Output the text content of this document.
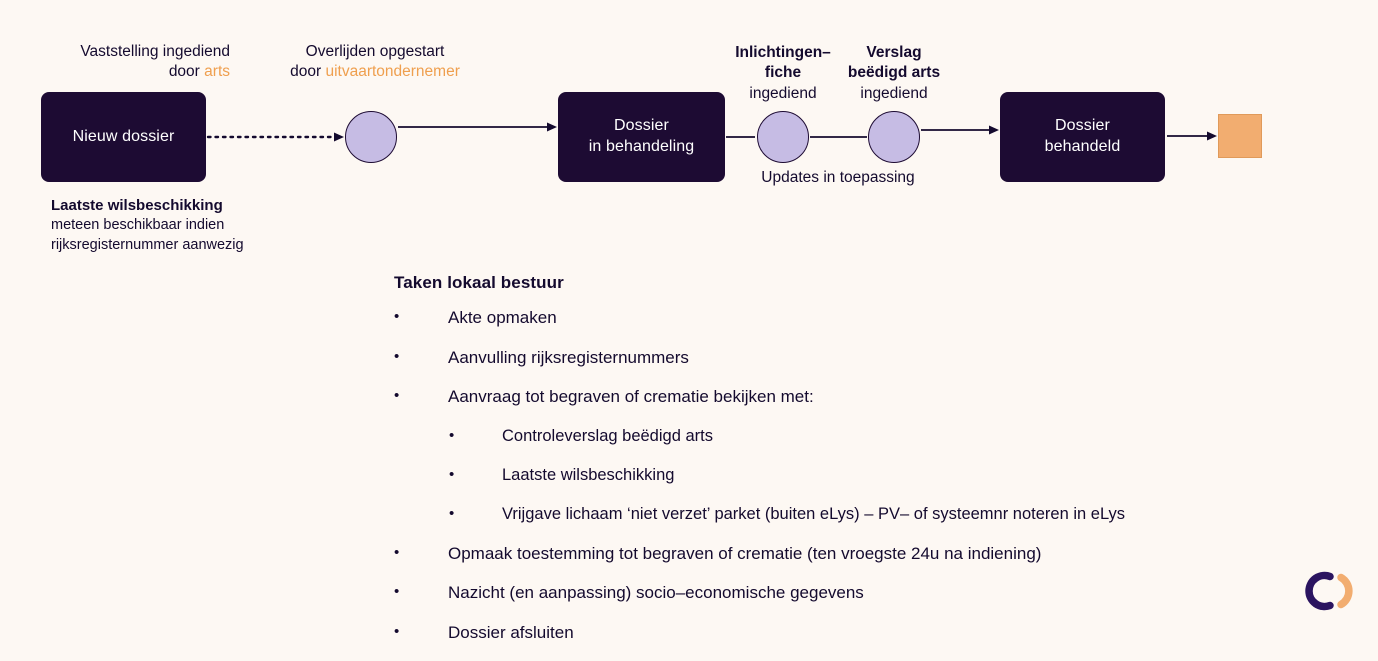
Nieuw dossier
Dossier
in behandeling
Dossier
behandeld
Vaststelling ingediend
door arts
Overlijden opgestart
door uitvaartondernemer
Inlichtingen–
fiche
ingediend
Verslag
beëdigd arts
ingediend
Updates in toepassing
Laatste wilsbeschikking
meteen beschikbaar indien
rijksregisternummer aanwezig
Taken lokaal bestuur
•	Akte opmaken
•	Aanvulling rijksregisternummers
•	Aanvraag tot begraven of crematie bekijken met:
•	Controleverslag beëdigd arts
•	Laatste wilsbeschikking
•	Vrijgave lichaam ‘niet verzet’ parket (buiten eLys) – PV– of systeemnr noteren in eLys
•	Opmaak toestemming tot begraven of crematie (ten vroegste 24u na indiening)
•	Nazicht (en aanpassing) socio–economische gegevens
•	Dossier afsluiten
